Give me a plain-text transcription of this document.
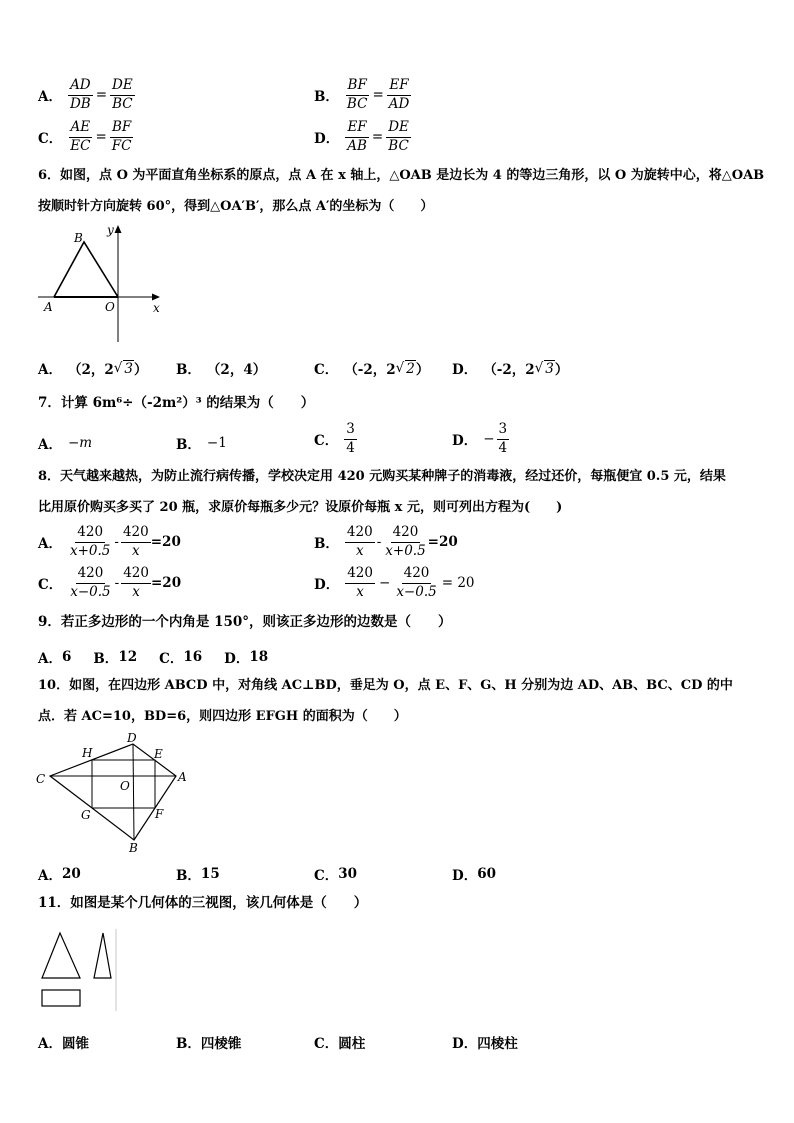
A． $\frac{AD}{DB} = \frac{DE}{BC}$	B． $\frac{BF}{BC} = \frac{EF}{AD}$
C． $\frac{AE}{EC} = \frac{BF}{FC}$	D． $\frac{EF}{AB} = \frac{DE}{BC}$
6．如图，点 O 为平面直角坐标系的原点，点 A 在 x 轴上，△OAB 是边长为 4 的等边三角形，以 O 为旋转中心，将△OAB
按顺时针方向旋转 60°，得到△OA′B′，那么点 A′的坐标为（　　）
B
y
A	O	x
A． （2，2 √ 3 ） B． （2，4）	C． （-2，2 √ 2 ） D． （-2，2 √ 3 ）
7．计算 6m⁶÷（-2m²）³ 的结果为（　　）
A． −m	B． −1	C． $\frac{3}{4}$	D． − $\frac{3}{4}$
8．天气越来越热，为防止流行病传播，学校决定用 420 元购买某种牌子的消毒液，经过还价，每瓶便宜 0.5 元，结果
比用原价购买多买了 20 瓶，求原价每瓶多少元？设原价每瓶 x 元，则可列出方程为(　　)
A． $\frac{420}{x+0.5} - \frac{420}{x} =20$	B． $\frac{420}{x} - \frac{420}{x+0.5} =20$
C． $\frac{420}{x-0.5} - \frac{420}{x} =20$	D． $\frac{420}{x} - \frac{420}{x-0.5} = 20$
9．若正多边形的一个内角是 150°，则该正多边形的边数是（　　）
A． 6 B． 12 C． 16 D． 18
10．如图，在四边形 ABCD 中，对角线 AC⊥BD，垂足为 O，点 E、F、G、H 分别为边 AD、AB、BC、CD 的中
点．若 AC=10，BD=6，则四边形 EFGH 的面积为（　　）
H
D
E
C	O
A
G	F
B
A． 20	B． 15	C． 30	D． 60
11．如图是某个几何体的三视图，该几何体是（　　）
A． 圆锥	B． 四棱锥	C． 圆柱	D． 四棱柱
